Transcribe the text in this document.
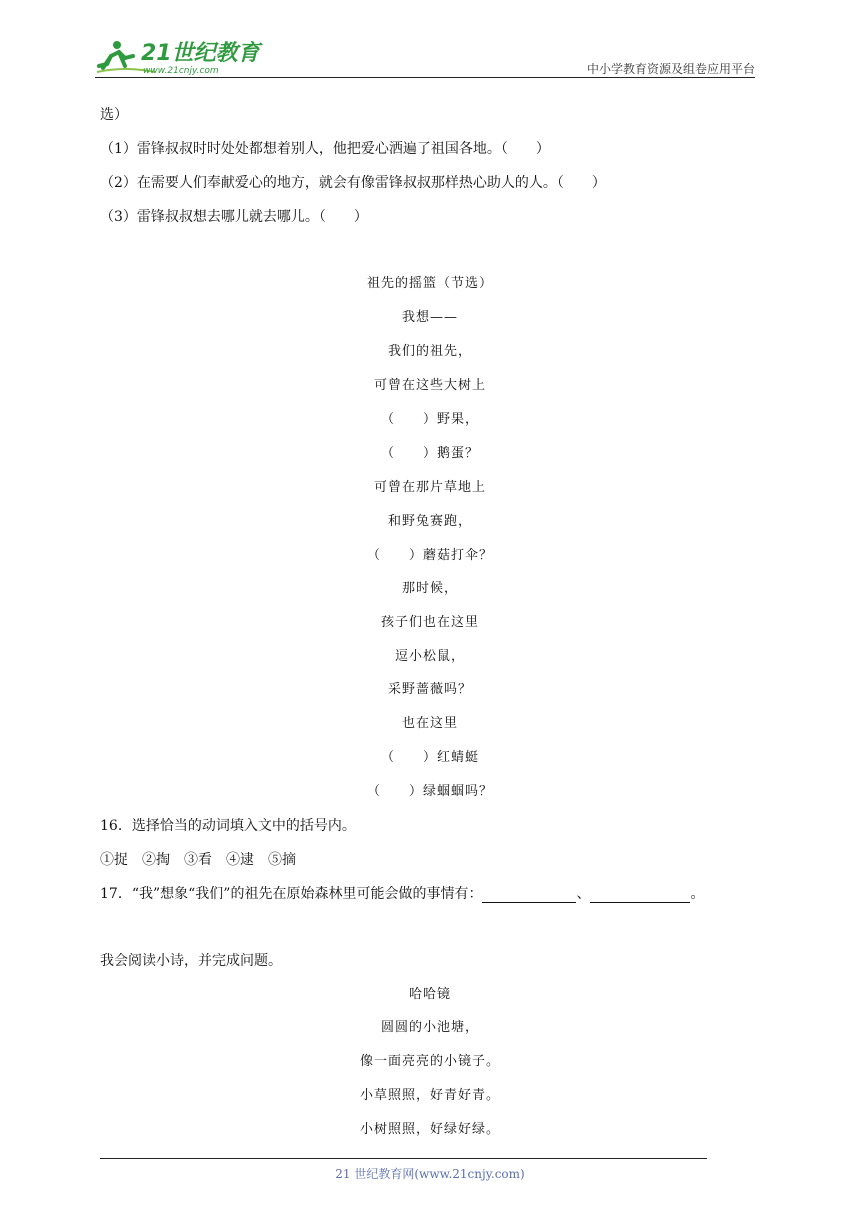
21世纪教育
www.21cnjy.com	中小学教育资源及组卷应用平台
选）
（1）雷锋叔叔时时处处都想着别人，他把爱心洒遍了祖国各地。（　　）
（2）在需要人们奉献爱心的地方，就会有像雷锋叔叔那样热心助人的人。（　　）
（3）雷锋叔叔想去哪儿就去哪儿。（　　）
祖先的摇篮（节选）
我想——
我们的祖先，
可曾在这些大树上
（　　）野果，
（　　）鹅蛋？
可曾在那片草地上
和野兔赛跑，
（　　）蘑菇打伞？
那时候，
孩子们也在这里
逗小松鼠，
采野蔷薇吗？
也在这里
（　　）红蜻蜓
（　　）绿蝈蝈吗？
16．选择恰当的动词填入文中的括号内。
①捉　②掏　③看　④逮　⑤摘
17．“我”想象“我们”的祖先在原始森林里可能会做的事情有：	、	。
我会阅读小诗，并完成问题。
哈哈镜
圆圆的小池塘，
像一面亮亮的小镜子。
小草照照，好青好青。
小树照照，好绿好绿。
21 世纪教育网(www.21cnjy.com)
